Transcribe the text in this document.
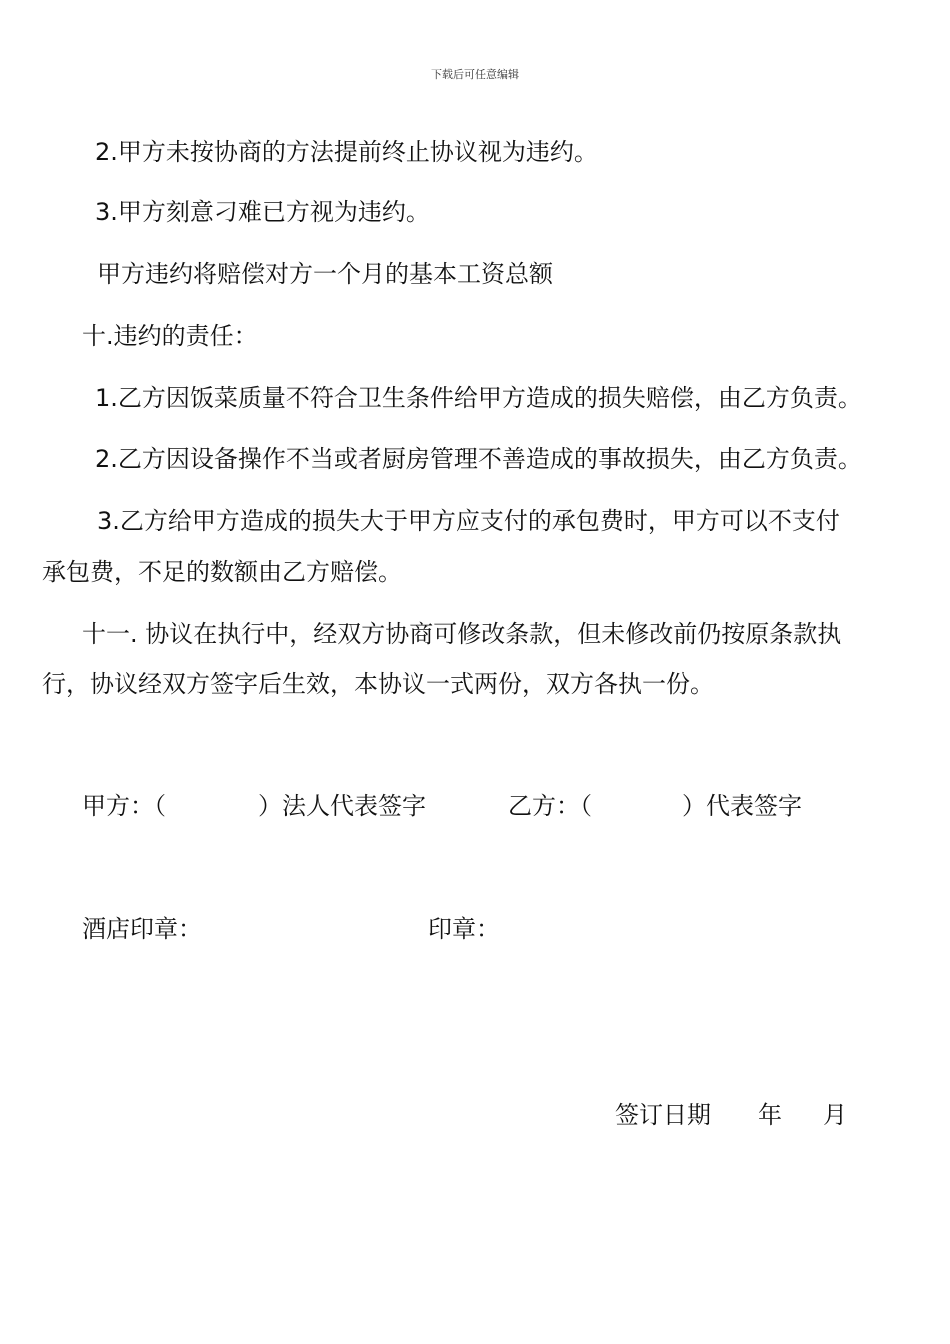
下载后可任意编辑
2.甲方未按协商的方法提前终止协议视为违约。
3.甲方刻意刁难已方视为违约。
甲方违约将赔偿对方一个月的基本工资总额
十.违约的责任：
1.乙方因饭菜质量不符合卫生条件给甲方造成的损失赔偿，由乙方负责。
2.乙方因设备操作不当或者厨房管理不善造成的事故损失，由乙方负责。
3.乙方给甲方造成的损失大于甲方应支付的承包费时，甲方可以不支付
承包费，不足的数额由乙方赔偿。
十一. 协议在执行中，经双方协商可修改条款，但未修改前仍按原条款执
行，协议经双方签字后生效，本协议一式两份，双方各执一份。
甲方：（	）法人代表签字	乙方：（	）代表签字
酒店印章：	印章：
签订日期 年 月
